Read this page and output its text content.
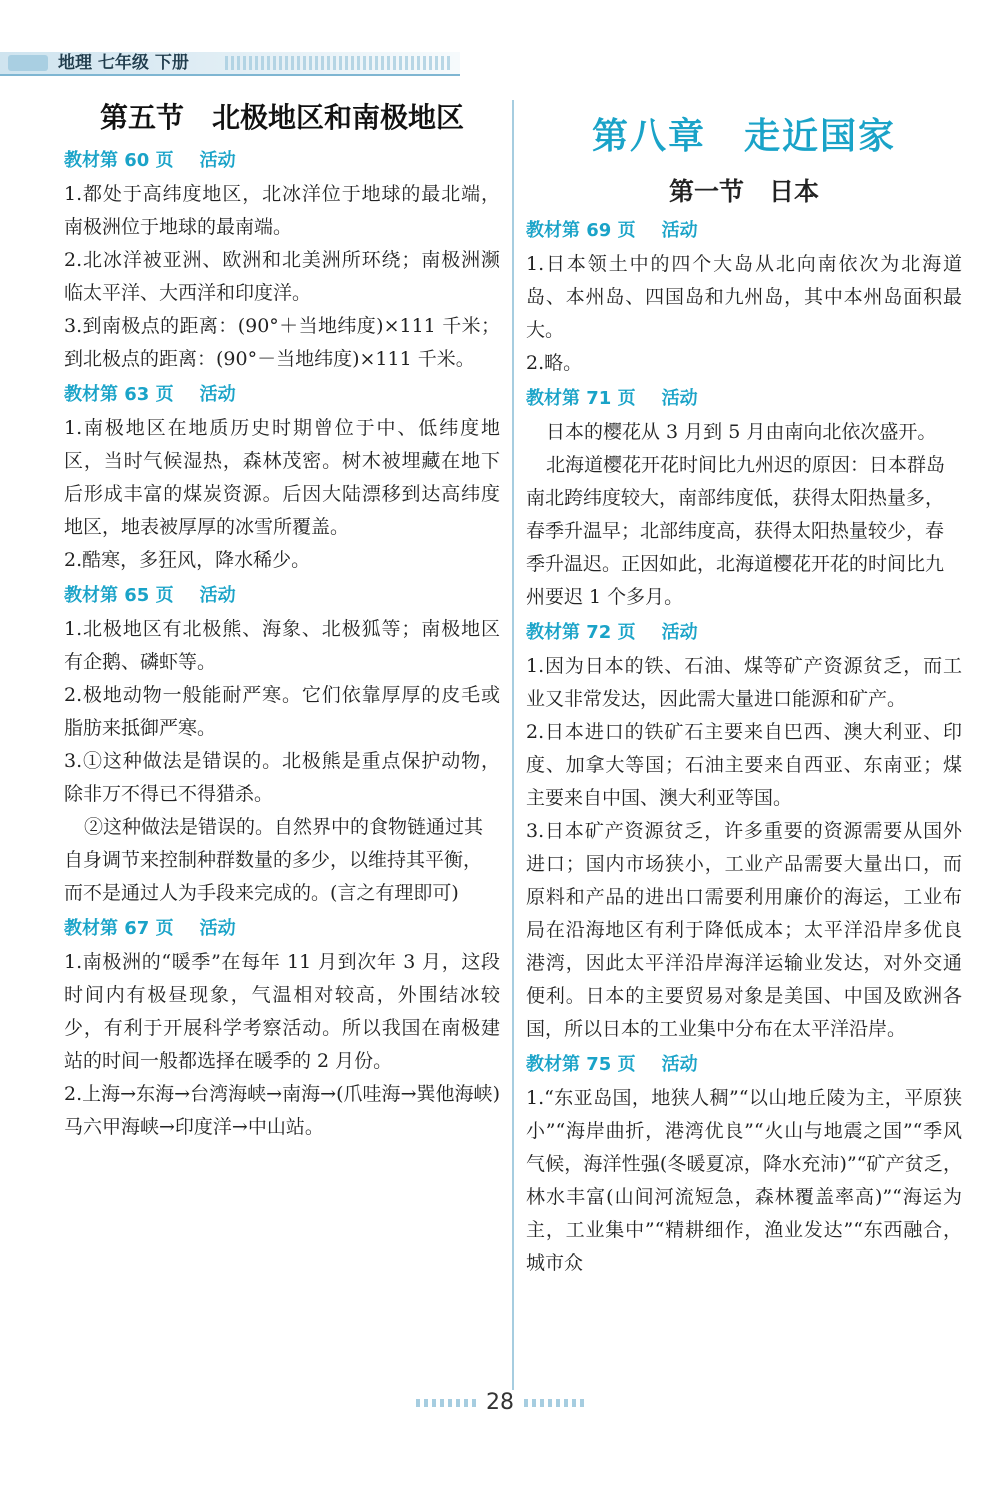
地理 七年级 下册
第五节　北极地区和南极地区
教材第 60 页 活动

1.都处于高纬度地区，北冰洋位于地球的最北端，南极洲位于地球的最南端。

2.北冰洋被亚洲、欧洲和北美洲所环绕；南极洲濒临太平洋、大西洋和印度洋。

3.到南极点的距离：(90°＋当地纬度)×111 千米；到北极点的距离：(90°－当地纬度)×111 千米。

教材第 63 页 活动

1.南极地区在地质历史时期曾位于中、低纬度地区，当时气候湿热，森林茂密。树木被埋藏在地下后形成丰富的煤炭资源。后因大陆漂移到达高纬度地区，地表被厚厚的冰雪所覆盖。

2.酷寒，多狂风，降水稀少。

教材第 65 页 活动

1.北极地区有北极熊、海象、北极狐等；南极地区有企鹅、磷虾等。

2.极地动物一般能耐严寒。它们依靠厚厚的皮毛或脂肪来抵御严寒。

3.①这种做法是错误的。北极熊是重点保护动物，除非万不得已不得猎杀。

②这种做法是错误的。自然界中的食物链通过其自身调节来控制种群数量的多少，以维持其平衡，而不是通过人为手段来完成的。(言之有理即可)

教材第 67 页 活动

1.南极洲的“暖季”在每年 11 月到次年 3 月，这段时间内有极昼现象，气温相对较高，外围结冰较少，有利于开展科学考察活动。所以我国在南极建站的时间一般都选择在暖季的 2 月份。

2.上海→东海→台湾海峡→南海→(爪哇海→巽他海峡)马六甲海峡→印度洋→中山站。

第八章　走近国家
第一节　日本
教材第 69 页 活动

1.日本领土中的四个大岛从北向南依次为北海道岛、本州岛、四国岛和九州岛，其中本州岛面积最大。

2.略。

教材第 71 页 活动

日本的樱花从 3 月到 5 月由南向北依次盛开。

北海道樱花开花时间比九州迟的原因：日本群岛南北跨纬度较大，南部纬度低，获得太阳热量多，春季升温早；北部纬度高，获得太阳热量较少，春季升温迟。正因如此，北海道樱花开花的时间比九州要迟 1 个多月。

教材第 72 页 活动

1.因为日本的铁、石油、煤等矿产资源贫乏，而工业又非常发达，因此需大量进口能源和矿产。

2.日本进口的铁矿石主要来自巴西、澳大利亚、印度、加拿大等国；石油主要来自西亚、东南亚；煤主要来自中国、澳大利亚等国。

3.日本矿产资源贫乏，许多重要的资源需要从国外进口；国内市场狭小，工业产品需要大量出口，而原料和产品的进出口需要利用廉价的海运，工业布局在沿海地区有利于降低成本；太平洋沿岸多优良港湾，因此太平洋沿岸海洋运输业发达，对外交通便利。日本的主要贸易对象是美国、中国及欧洲各国，所以日本的工业集中分布在太平洋沿岸。

教材第 75 页 活动

1.“东亚岛国，地狭人稠”“以山地丘陵为主，平原狭小”“海岸曲折，港湾优良”“火山与地震之国”“季风气候，海洋性强(冬暖夏凉，降水充沛)”“矿产贫乏，林水丰富(山间河流短急，森林覆盖率高)”“海运为主，工业集中”“精耕细作，渔业发达”“东西融合，城市众

28
